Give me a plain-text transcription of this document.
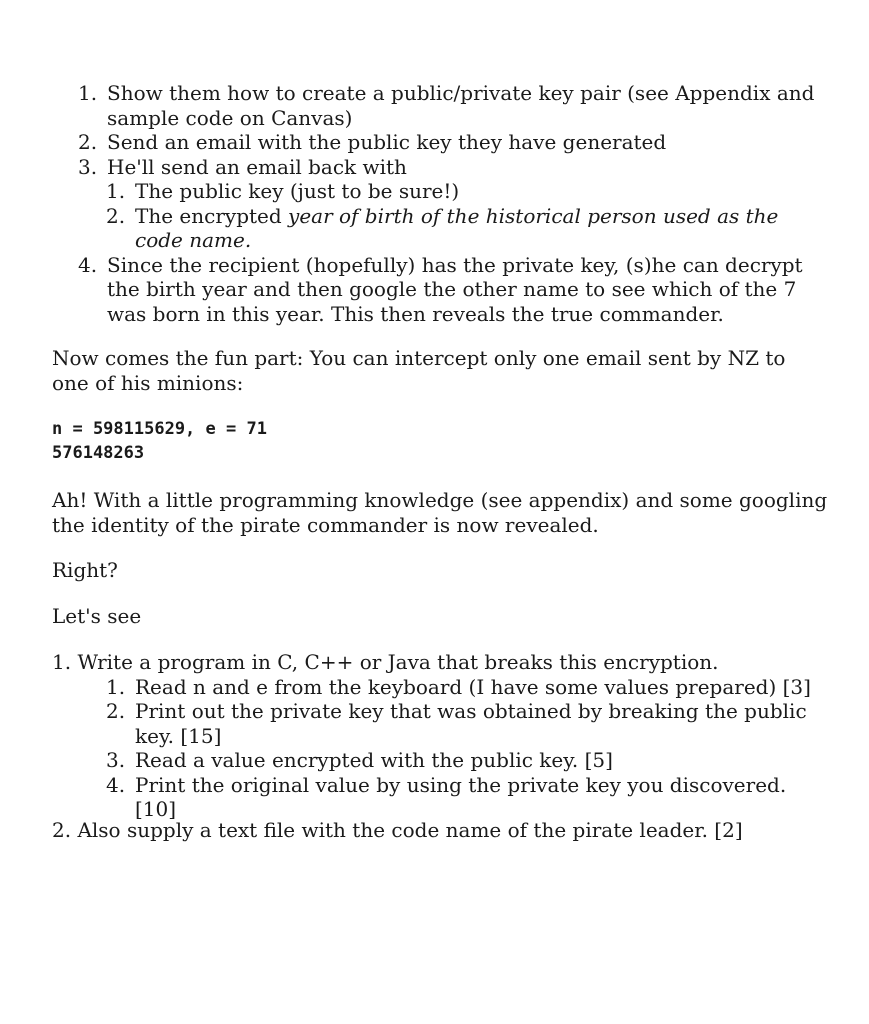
1. Show them how to create a public/private key pair (see Appendix and sample code on Canvas)
2. Send an email with the public key they have generated
3. He'll send an email back with
1. The public key (just to be sure!)
2. The encrypted year of birth of the historical person used as the code name.
4. Since the recipient (hopefully) has the private key, (s)he can decrypt the birth year and then google the other name to see which of the 7 was born in this year. This then reveals the true commander.
Now comes the fun part: You can intercept only one email sent by NZ to one of his minions:
n = 598115629, e = 71
576148263
Ah! With a little programming knowledge (see appendix) and some googling the identity of the pirate commander is now revealed.
Right?
Let's see
1. Write a program in C, C++ or Java that breaks this encryption.
1. Read n and e from the keyboard (I have some values prepared) [3]
2. Print out the private key that was obtained by breaking the public key. [15]
3. Read a value encrypted with the public key. [5]
4. Print the original value by using the private key you discovered. [10]
2. Also supply a text file with the code name of the pirate leader. [2]
